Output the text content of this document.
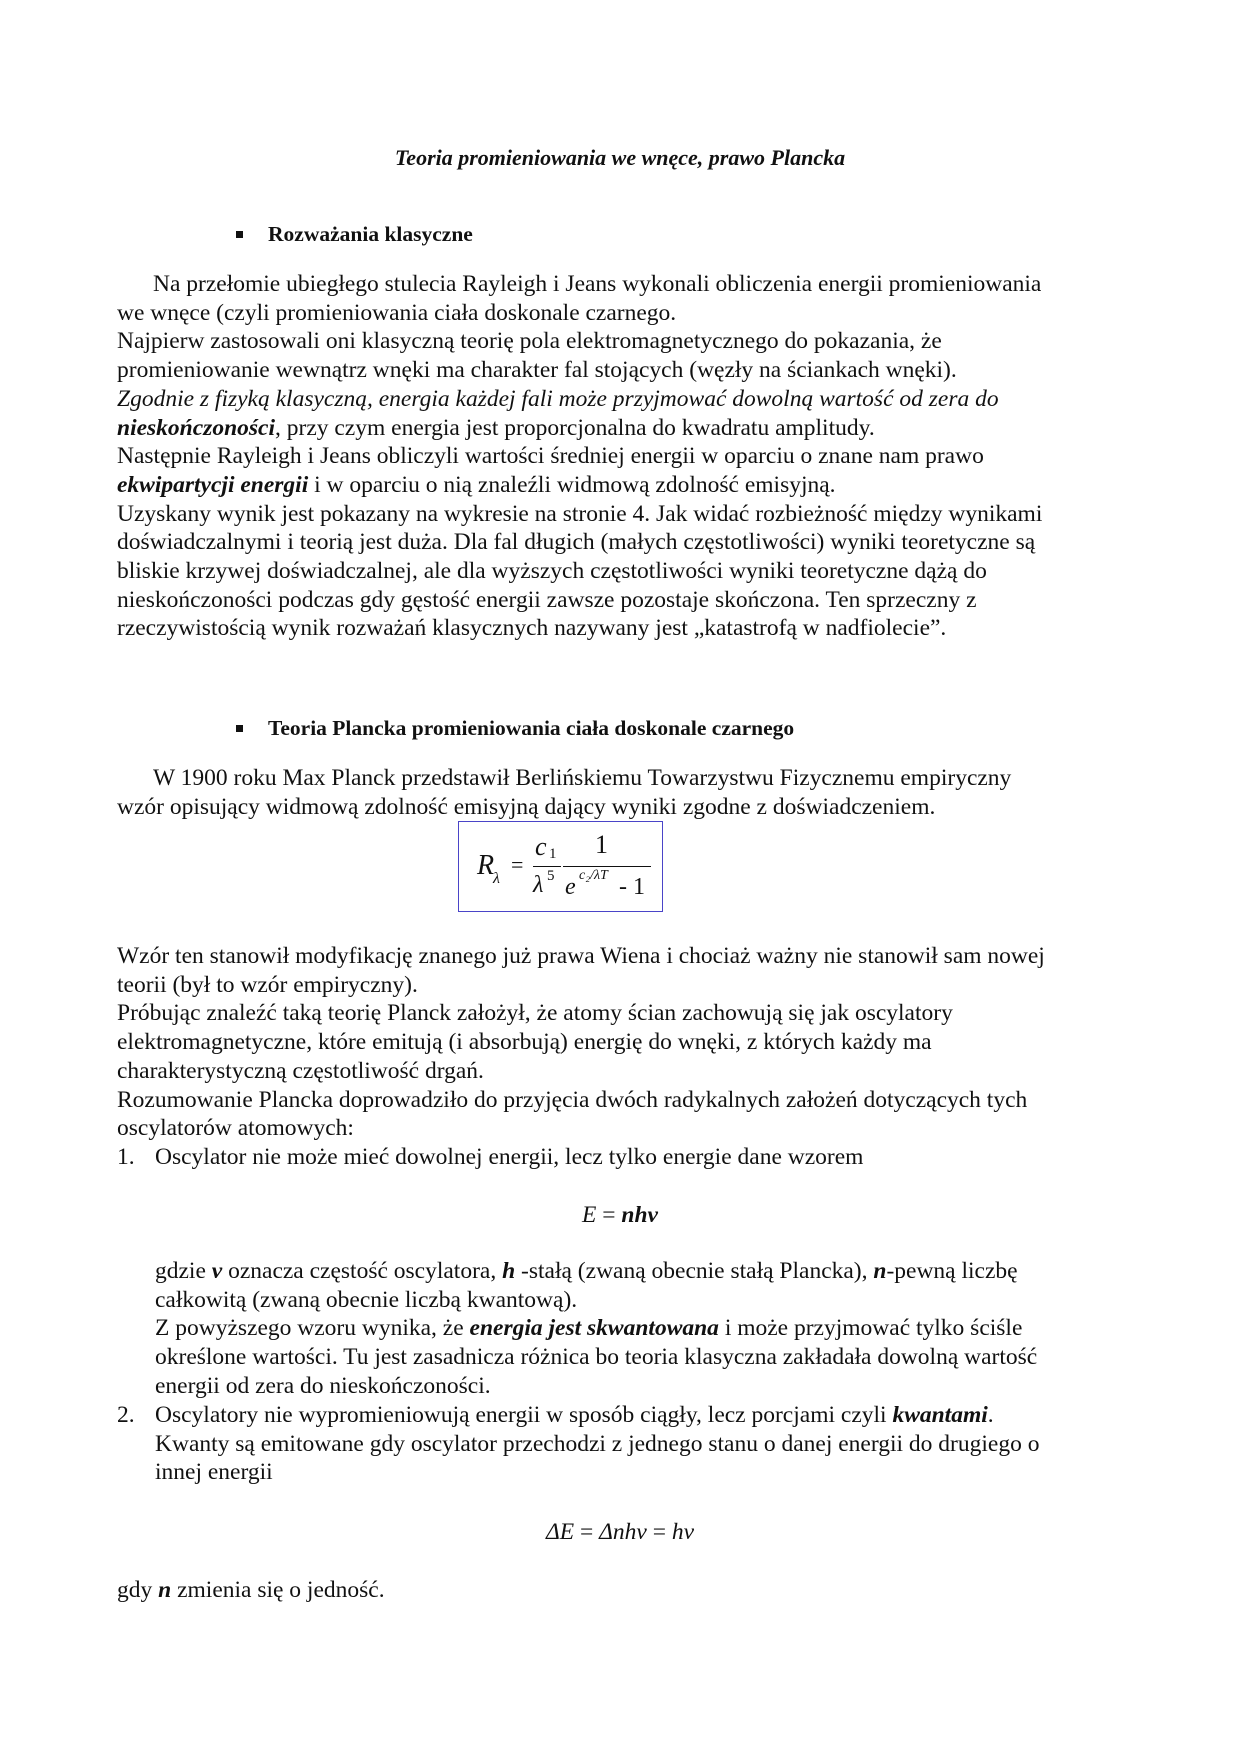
Teoria promieniowania we wnęce, prawo Plancka
Rozważania klasyczne
Teoria Plancka promieniowania ciała doskonale czarnego
Na przełomie ubiegłego stulecia Rayleigh i Jeans wykonali obliczenia energii promieniowania
we wnęce (czyli promieniowania ciała doskonale czarnego.
Najpierw zastosowali oni klasyczną teorię pola elektromagnetycznego do pokazania, że
promieniowanie wewnątrz wnęki ma charakter fal stojących (węzły na ściankach wnęki).
Zgodnie z fizyką klasyczną, energia każdej fali może przyjmować dowolną wartość od zera do
nieskończoności, przy czym energia jest proporcjonalna do kwadratu amplitudy.
Następnie Rayleigh i Jeans obliczyli wartości średniej energii w oparciu o znane nam prawo
ekwipartycji energii i w oparciu o nią znaleźli widmową zdolność emisyjną.
Uzyskany wynik jest pokazany na wykresie na stronie 4. Jak widać rozbieżność między wynikami
doświadczalnymi i teorią jest duża. Dla fal długich (małych częstotliwości) wyniki teoretyczne są
bliskie krzywej doświadczalnej, ale dla wyższych częstotliwości wyniki teoretyczne dążą do
nieskończoności podczas gdy gęstość energii zawsze pozostaje skończona. Ten sprzeczny z
rzeczywistością wynik rozważań klasycznych nazywany jest „katastrofą w nadfiolecie”.
W 1900 roku Max Planck przedstawił Berlińskiemu Towarzystwu Fizycznemu empiryczny
wzór opisujący widmową zdolność emisyjną dający wyniki zgodne z doświadczeniem.
Wzór ten stanowił modyfikację znanego już prawa Wiena i chociaż ważny nie stanowił sam nowej
teorii (był to wzór empiryczny).
Próbując znaleźć taką teorię Planck założył, że atomy ścian zachowują się jak oscylatory
elektromagnetyczne, które emitują (i absorbują) energię do wnęki, z których każdy ma
charakterystyczną częstotliwość drgań.
Rozumowanie Plancka doprowadziło do przyjęcia dwóch radykalnych założeń dotyczących tych
oscylatorów atomowych:
1. Oscylator nie może mieć dowolnej energii, lecz tylko energie dane wzorem
E = nhν
gdzie ν oznacza częstość oscylatora, h -stałą (zwaną obecnie stałą Plancka), n-pewną liczbę
całkowitą (zwaną obecnie liczbą kwantową).
Z powyższego wzoru wynika, że energia jest skwantowana i może przyjmować tylko ściśle
określone wartości. Tu jest zasadnicza różnica bo teoria klasyczna zakładała dowolną wartość
energii od zera do nieskończoności.
2. Oscylatory nie wypromieniowują energii w sposób ciągły, lecz porcjami czyli kwantami.
Kwanty są emitowane gdy oscylator przechodzi z jednego stanu o danej energii do drugiego o
innej energii
ΔE = Δnhν = hν
gdy n zmienia się o jedność.
R
λ
=
c 1
λ 5
1
e c₂/λT - 1
